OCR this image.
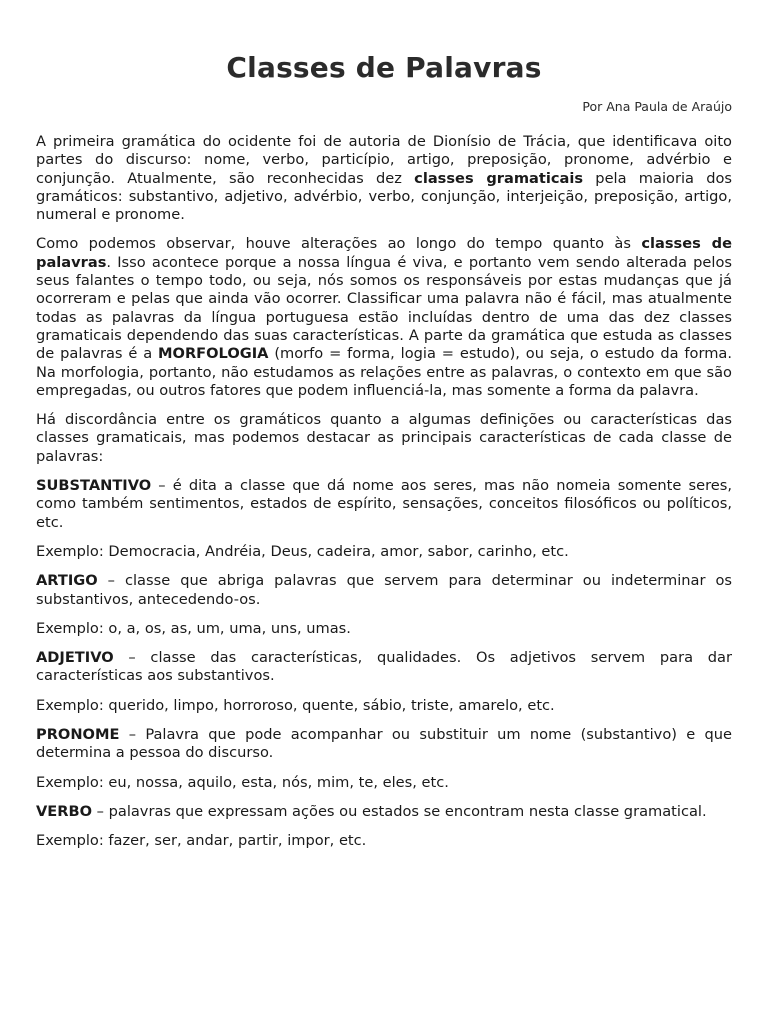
Classes de Palavras
Por Ana Paula de Araújo

A primeira gramática do ocidente foi de autoria de Dionísio de Trácia, que identificava oito partes do discurso: nome, verbo, particípio, artigo, preposição, pronome, advérbio e conjunção. Atualmente, são reconhecidas dez classes gramaticais pela maioria dos gramáticos: substantivo, adjetivo, advérbio, verbo, conjunção, interjeição, preposição, artigo, numeral e pronome.

Como podemos observar, houve alterações ao longo do tempo quanto às classes de palavras. Isso acontece porque a nossa língua é viva, e portanto vem sendo alterada pelos seus falantes o tempo todo, ou seja, nós somos os responsáveis por estas mudanças que já ocorreram e pelas que ainda vão ocorrer. Classificar uma palavra não é fácil, mas atualmente todas as palavras da língua portuguesa estão incluídas dentro de uma das dez classes gramaticais dependendo das suas características. A parte da gramática que estuda as classes de palavras é a MORFOLOGIA (morfo = forma, logia = estudo), ou seja, o estudo da forma. Na morfologia, portanto, não estudamos as relações entre as palavras, o contexto em que são empregadas, ou outros fatores que podem influenciá-la, mas somente a forma da palavra.

Há discordância entre os gramáticos quanto a algumas definições ou características das classes gramaticais, mas podemos destacar as principais características de cada classe de palavras:

SUBSTANTIVO – é dita a classe que dá nome aos seres, mas não nomeia somente seres, como também sentimentos, estados de espírito, sensações, conceitos filosóficos ou políticos, etc.

Exemplo: Democracia, Andréia, Deus, cadeira, amor, sabor, carinho, etc.

ARTIGO – classe que abriga palavras que servem para determinar ou indeterminar os substantivos, antecedendo-os.

Exemplo: o, a, os, as, um, uma, uns, umas.

ADJETIVO – classe das características, qualidades. Os adjetivos servem para dar características aos substantivos.

Exemplo: querido, limpo, horroroso, quente, sábio, triste, amarelo, etc.

PRONOME – Palavra que pode acompanhar ou substituir um nome (substantivo) e que determina a pessoa do discurso.

Exemplo: eu, nossa, aquilo, esta, nós, mim, te, eles, etc.

VERBO – palavras que expressam ações ou estados se encontram nesta classe gramatical.

Exemplo: fazer, ser, andar, partir, impor, etc.
